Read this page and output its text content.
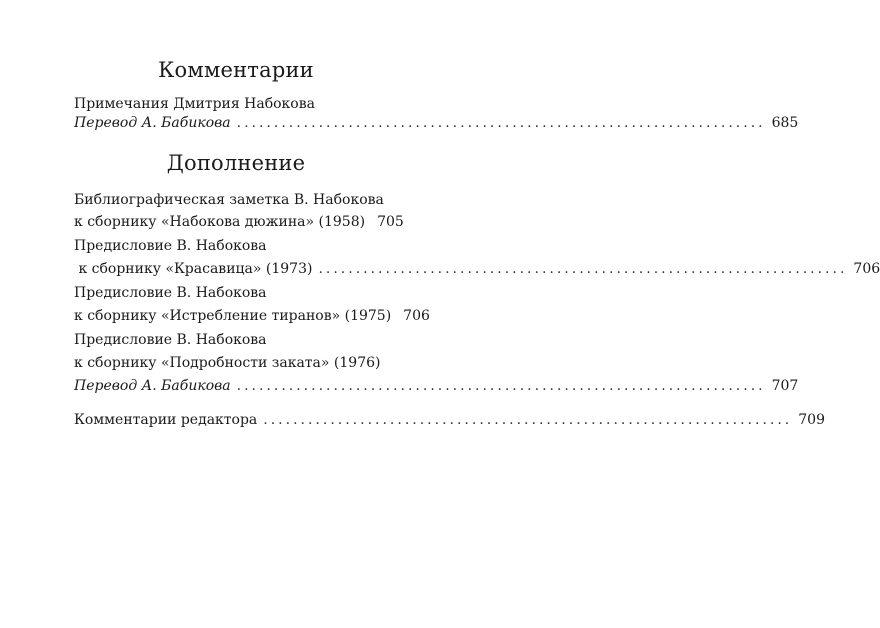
Комментарии
Примечания Дмитрия Набокова
Перевод А. Бабикова ....................................................................... 685
Дополнение
Библиографическая заметка В. Набокова
к сборнику «Набокова дюжина» (1958) 705
Предисловие В. Набокова
к сборнику «Красавица» (1973) ....................................................................... 706
Предисловие В. Набокова
к сборнику «Истребление тиранов» (1975) 706
Предисловие В. Набокова
к сборнику «Подробности заката» (1976)
Перевод А. Бабикова ....................................................................... 707
Комментарии редактора ....................................................................... 709
